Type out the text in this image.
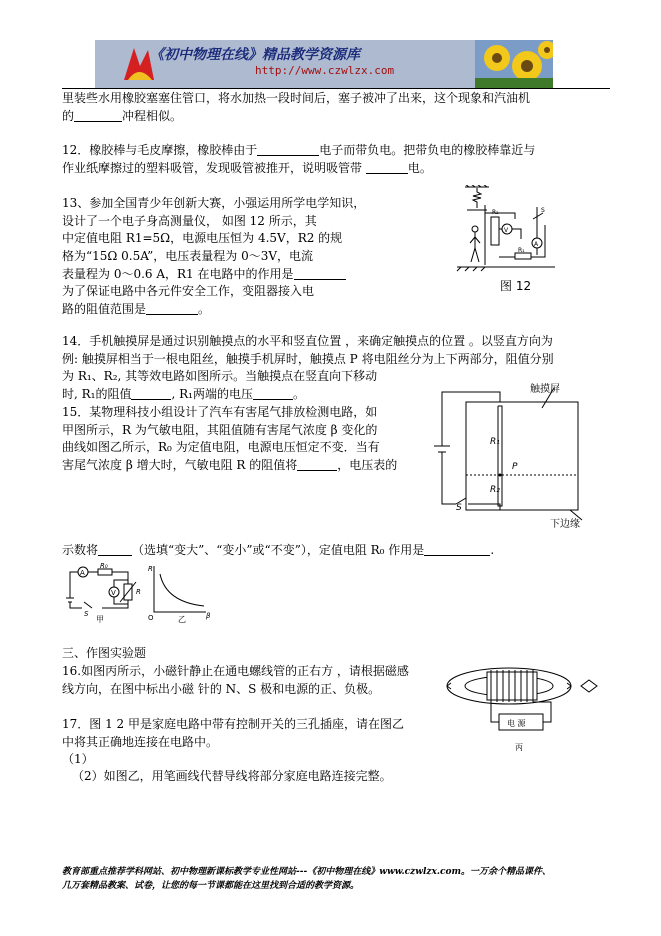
《初中物理在线》精品教学资源库
http://www.czwlzx.com
里装些水用橡胶塞塞住管口，将水加热一段时间后，塞子被冲了出来，这个现象和汽油机
的	冲程相似。
12．橡胶棒与毛皮摩擦，橡胶棒由于	电子而带负电。把带负电的橡胶棒靠近与
作业纸摩擦过的塑料吸管，发现吸管被推开，说明吸管带	电。
13、参加全国青少年创新大赛，小强运用所学电学知识，
设计了一个电子身高测量仪， 如图 12 所示，其
中定值电阻 R1=5Ω，电源电压恒为 4.5V，R2 的规
格为“15Ω 0.5A”，电压表量程为 0～3V，电流
表量程为 0～0.6 A，R1 在电路中的作用是
为了保证电路中各元件安全工作，变阻器接入电
路的阻值范围是	。
R₂
V
A
R₁
S
图 12
14．手机触摸屏是通过识别触摸点的水平和竖直位置 ，来确定触摸点的位置 。以竖直方向为
例: 触摸屏相当于一根电阻丝，触摸手机屏时，触摸点 P 将电阻丝分为上下两部分，阻值分别
为 R₁、R₂, 其等效电路如图所示。当触摸点在竖直向下移动
时, R₁的阻值	, R₁两端的电压	。	触摸屏
R₁
P
R₂
S
下边缘
15．某物理科技小组设计了汽车有害尾气排放检测电路，如
甲图所示，R 为气敏电阻，其阻值随有害尾气浓度 β 变化的
曲线如图乙所示，R₀ 为定值电阻，电源电压恒定不变．当有
害尾气浓度 β 增大时，气敏电阻 R 的阻值将	，电压表的
示数将	（选填“变大”、“变小”或“不变”），定值电阻 R₀ 作用是	.
A
R₀
V	R
S
甲
R
O	乙	β
三、作图实验题
16.如图丙所示，小磁针静止在通电螺线管的正右方 ，请根据磁感
线方向，在图中标出小磁 针的 N、S 极和电源的正、负极。
电 源
丙
17．图 1 2 甲是家庭电路中带有控制开关的三孔插座，请在图乙
中将其正确地连接在电路中。
（1）
（2）如图乙，用笔画线代替导线将部分家庭电路连接完整。
教育部重点推荐学科网站、初中物理新课标教学专业性网站---《初中物理在线》www.czwlzx.com。一万余个精品课件、
几万套精品教案、试卷，让您的每一节课都能在这里找到合适的教学资源。
